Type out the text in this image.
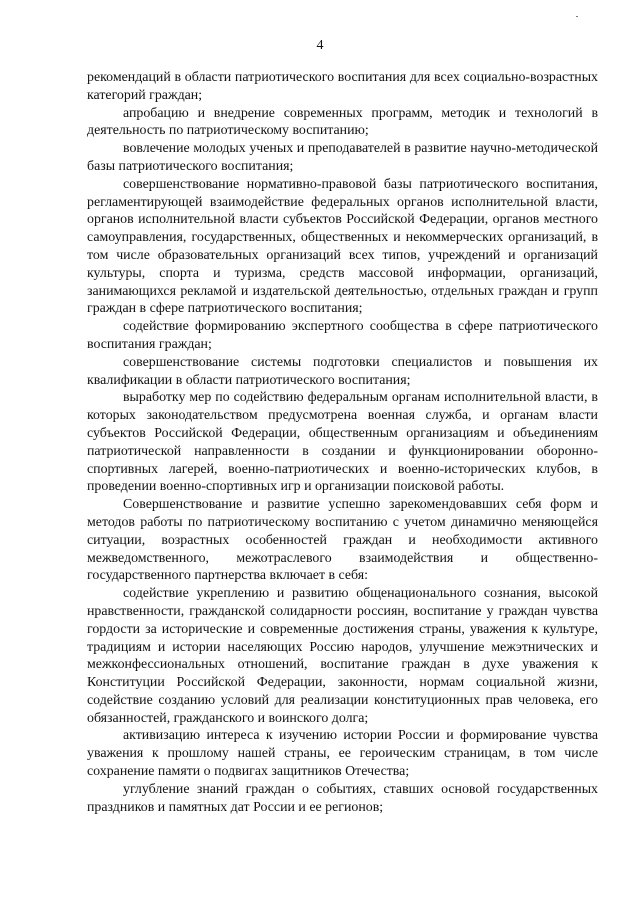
4

рекомендаций в области патриотического воспитания для всех социально-возрастных категорий граждан;

апробацию и внедрение современных программ, методик и технологий в деятельность по патриотическому воспитанию;

вовлечение молодых ученых и преподавателей в развитие научно-методической базы патриотического воспитания;

совершенствование нормативно-правовой базы патриотического воспитания, регламентирующей взаимодействие федеральных органов исполнительной власти, органов исполнительной власти субъектов Российской Федерации, органов местного самоуправления, государственных, общественных и некоммерческих организаций, в том числе образовательных организаций всех типов, учреждений и организаций культуры, спорта и туризма, средств массовой информации, организаций, занимающихся рекламой и издательской деятельностью, отдельных граждан и групп граждан в сфере патриотического воспитания;

содействие формированию экспертного сообщества в сфере патриотического воспитания граждан;

совершенствование системы подготовки специалистов и повышения их квалификации в области патриотического воспитания;

выработку мер по содействию федеральным органам исполнительной власти, в которых законодательством предусмотрена военная служба, и органам власти субъектов Российской Федерации, общественным организациям и объединениям патриотической направленности в создании и функционировании оборонно-спортивных лагерей, военно-патриотических и военно-исторических клубов, в проведении военно-спортивных игр и организации поисковой работы.

Совершенствование и развитие успешно зарекомендовавших себя форм и методов работы по патриотическому воспитанию с учетом динамично меняющейся ситуации, возрастных особенностей граждан и необходимости активного межведомственного, межотраслевого взаимодействия и общественно-государственного партнерства включает в себя:

содействие укреплению и развитию общенационального сознания, высокой нравственности, гражданской солидарности россиян, воспитание у граждан чувства гордости за исторические и современные достижения страны, уважения к культуре, традициям и истории населяющих Россию народов, улучшение межэтнических и межконфессиональных отношений, воспитание граждан в духе уважения к Конституции Российской Федерации, законности, нормам социальной жизни, содействие созданию условий для реализации конституционных прав человека, его обязанностей, гражданского и воинского долга;

активизацию интереса к изучению истории России и формирование чувства уважения к прошлому нашей страны, ее героическим страницам, в том числе сохранение памяти о подвигах защитников Отечества;

углубление знаний граждан о событиях, ставших основой государственных праздников и памятных дат России и ее регионов;
